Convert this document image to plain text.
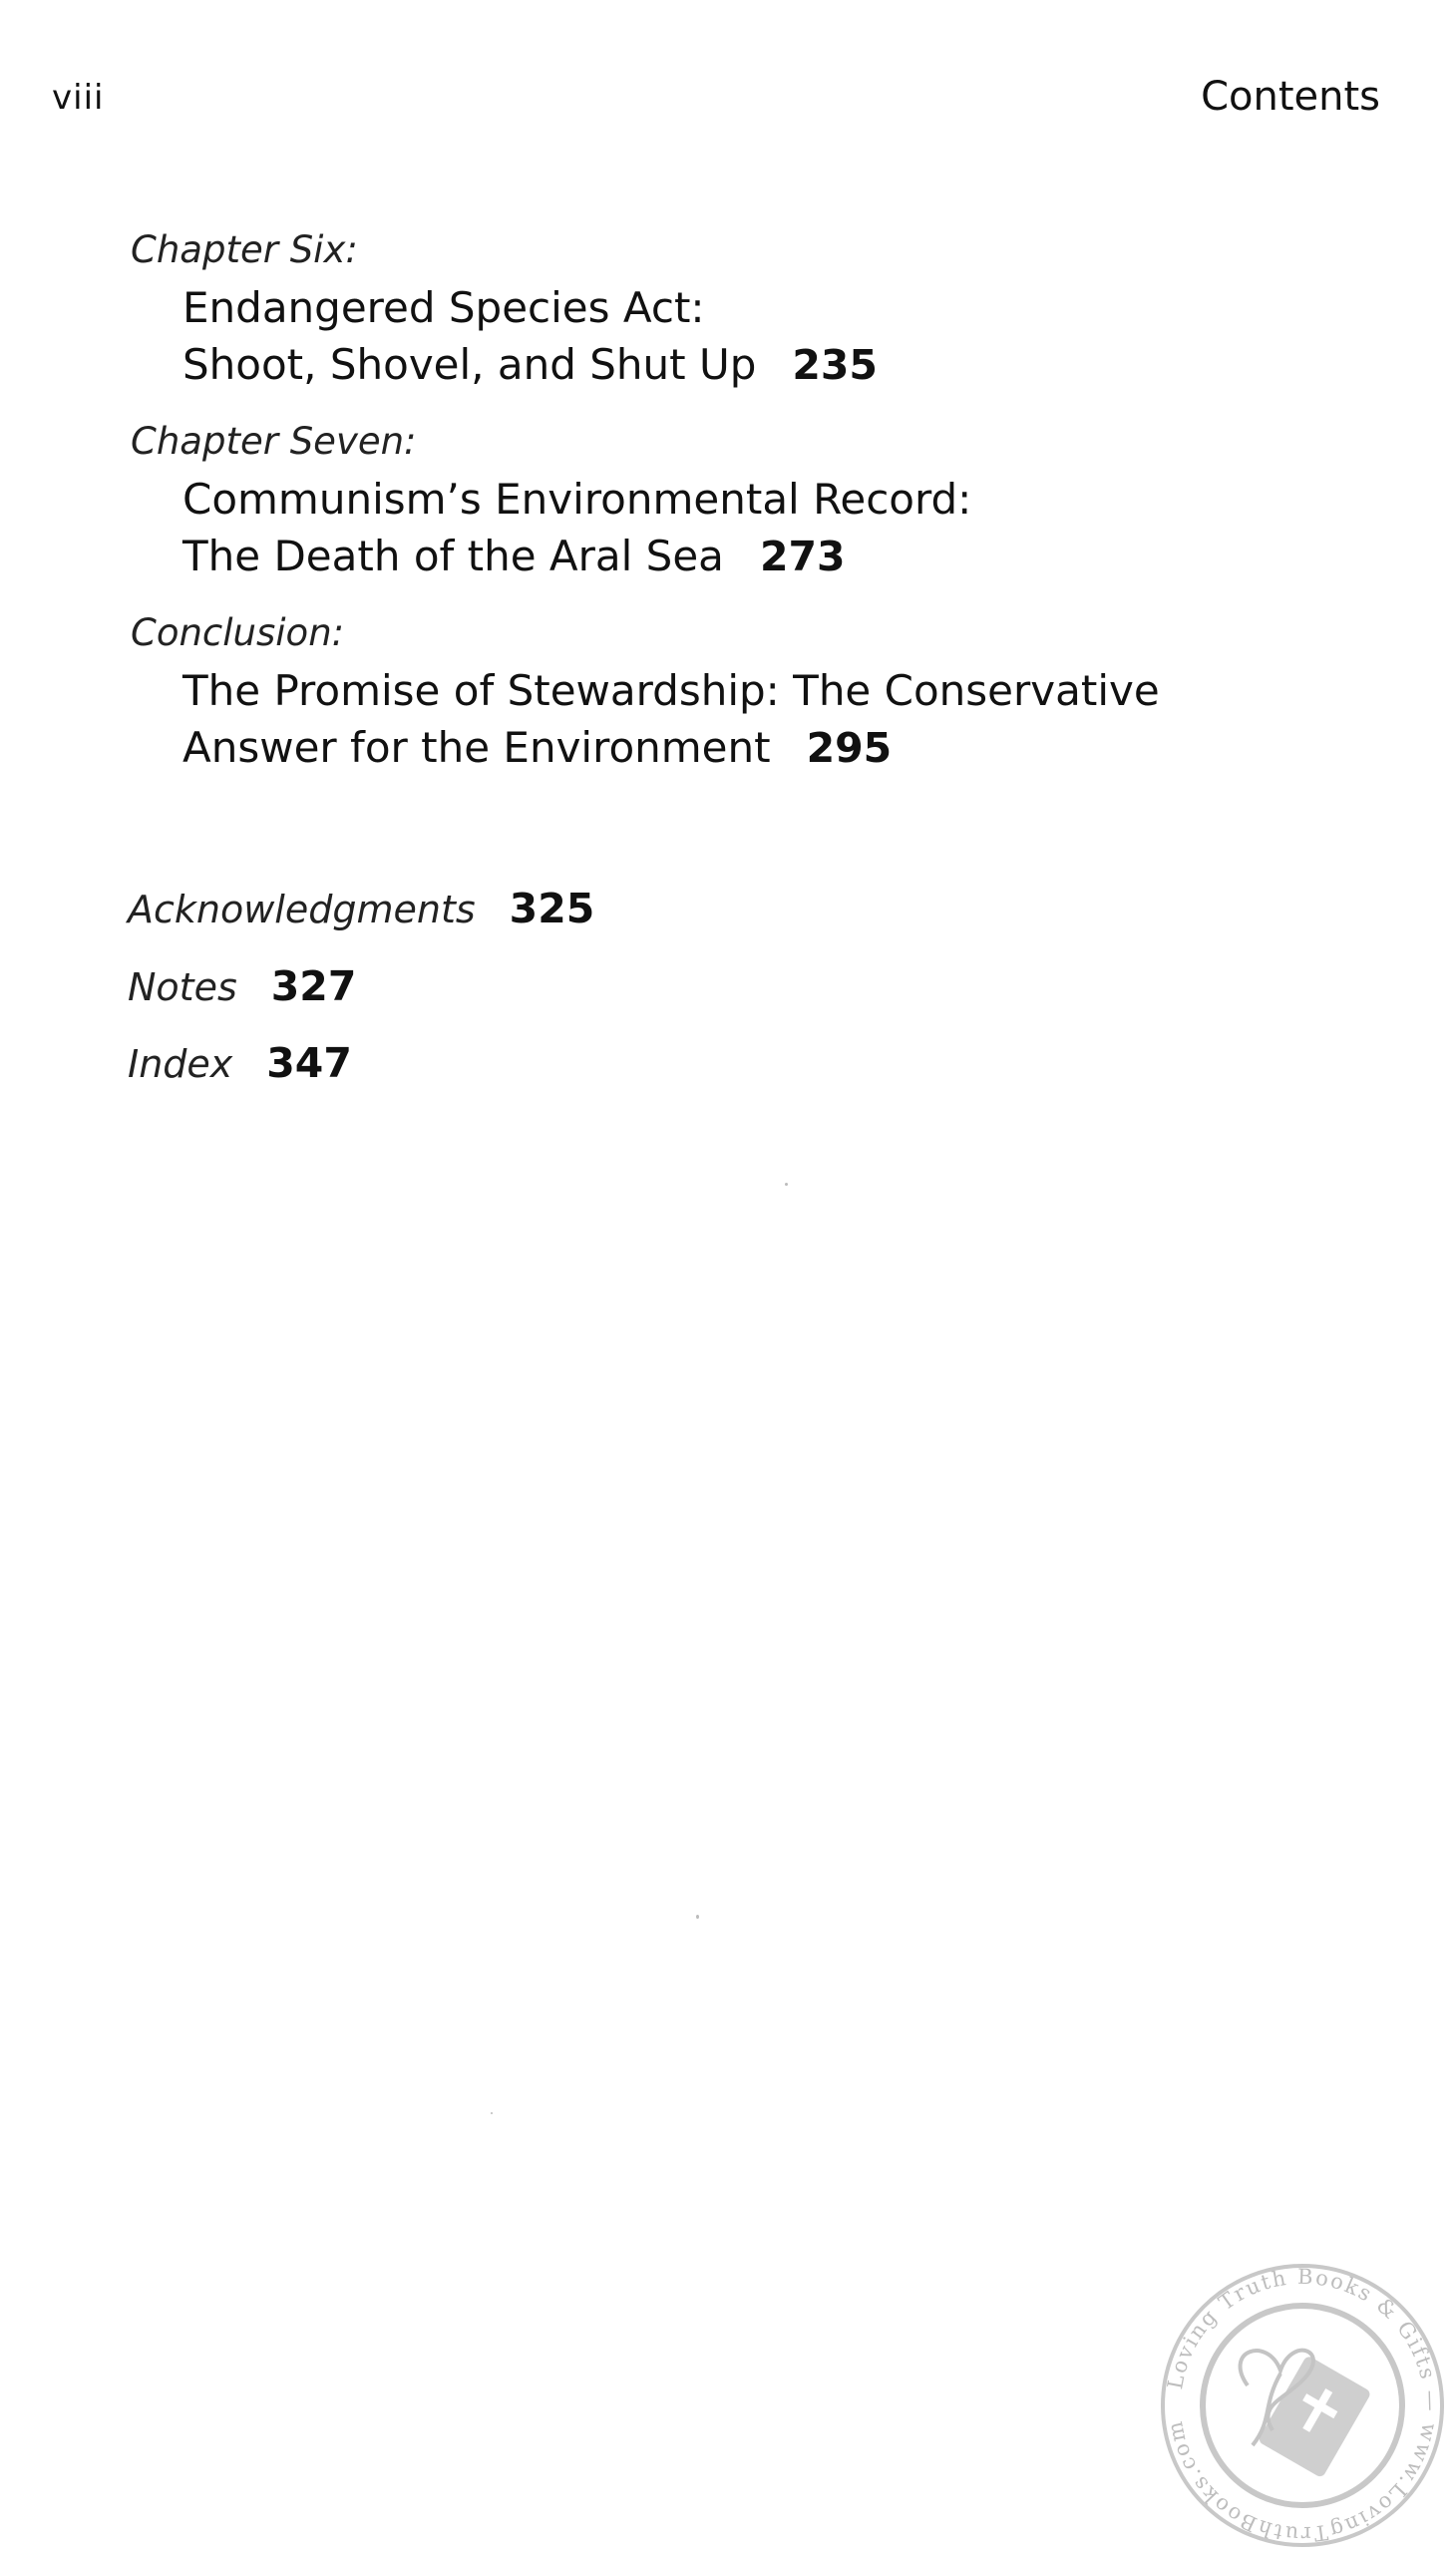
viii	Contents
Chapter Six:
Endangered Species Act:
Shoot, Shovel, and Shut Up 235
Chapter Seven:
Communism’s Environmental Record:
The Death of the Aral Sea 273
Conclusion:
The Promise of Stewardship: The Conservative
Answer for the Environment 295
Acknowledgments 325
Notes 327
Index 347
Loving Truth Books & Gifts — www.LovingTruthBooks.com
